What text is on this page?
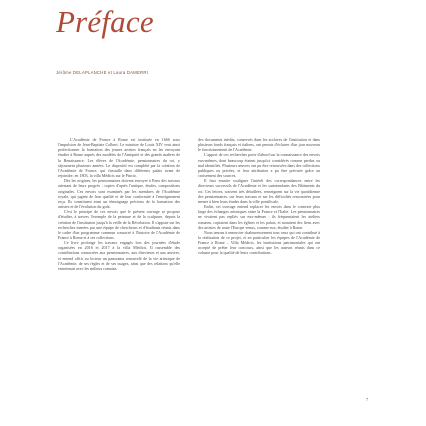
Préface
Jérôme DELAPLANCHE et Laura DAMERRI

L'Académie de France à Rome est instituée en 1666 sous l'impulsion de Jean-Baptiste Colbert. Le ministre de Louis XIV veut ainsi perfectionner la formation des jeunes artistes français en les envoyant étudier à Rome auprès des modèles de l'Antiquité et des grands maîtres de la Renaissance. Les élèves de l'Académie, pensionnaires du roi, y séjournent plusieurs années. Le dispositif est complété par la création de l'Académie de France, qui s'installe dans différents palais avant de rejoindre, en 1803, la villa Médicis sur le Pincio.

Dès les origines, les pensionnaires doivent envoyer à Paris des travaux attestant de leurs progrès : copies d'après l'antique, études, compositions originales. Ces envois sont examinés par les membres de l'Académie royale, qui jugent de leur qualité et de leur conformité à l'enseignement reçu. Ils constituent ainsi un témoignage précieux de la formation des artistes et de l'évolution du goût.

C'est le principe de ces envois que le présent ouvrage se propose d'étudier, à travers l'exemple de la peinture et de la sculpture, depuis la création de l'institution jusqu'à la veille de la Révolution. Il s'appuie sur les recherches menées par une équipe de chercheurs et d'étudiants réunis dans le cadre d'un programme commun consacré à l'histoire de l'Académie de France à Rome et à ses collections.

Ce livre prolonge les travaux engagés lors des journées d'étude organisées en 2016 et 2017 à la villa Médicis. Il rassemble des contributions consacrées aux pensionnaires, aux directeurs et aux œuvres, et entend offrir au lecteur un panorama renouvelé de la vie artistique de l'Académie, de ses règles et de ses usages, ainsi que des relations qu'elle entretenait avec les milieux romains.

des documents inédits, conservés dans les archives de l'institution et dans plusieurs fonds français et italiens, ont permis d'éclairer d'un jour nouveau le fonctionnement de l'Académie.

L'apport de ces recherches porte d'abord sur la connaissance des envois eux-mêmes, dont beaucoup étaient jusqu'ici considérés comme perdus ou mal identifiés. Plusieurs œuvres ont pu être retrouvées dans des collections publiques ou privées, et leur attribution a pu être précisée grâce au croisement des sources.

Il faut ensuite souligner l'intérêt des correspondances entre les directeurs successifs de l'Académie et les surintendants des Bâtiments du roi. Ces lettres, souvent très détaillées, renseignent sur la vie quotidienne des pensionnaires, sur leurs travaux et sur les difficultés rencontrées pour mener à bien leurs études dans la ville pontificale.

Enfin, cet ouvrage entend replacer les envois dans le contexte plus large des échanges artistiques entre la France et l'Italie. Les pensionnaires ne vivaient pas repliés sur eux-mêmes : ils fréquentaient les ateliers romains, copiaient dans les églises et les palais, et nouaient des liens avec des artistes de toute l'Europe venus, comme eux, étudier à Rome.

Nous tenons à remercier chaleureusement tous ceux qui ont contribué à la réalisation de ce projet, et en particulier les équipes de l'Académie de France à Rome – Villa Médicis, les institutions patrimoniales qui ont accepté de prêter leur concours, ainsi que les auteurs réunis dans ce volume pour la qualité de leurs contributions.

7
